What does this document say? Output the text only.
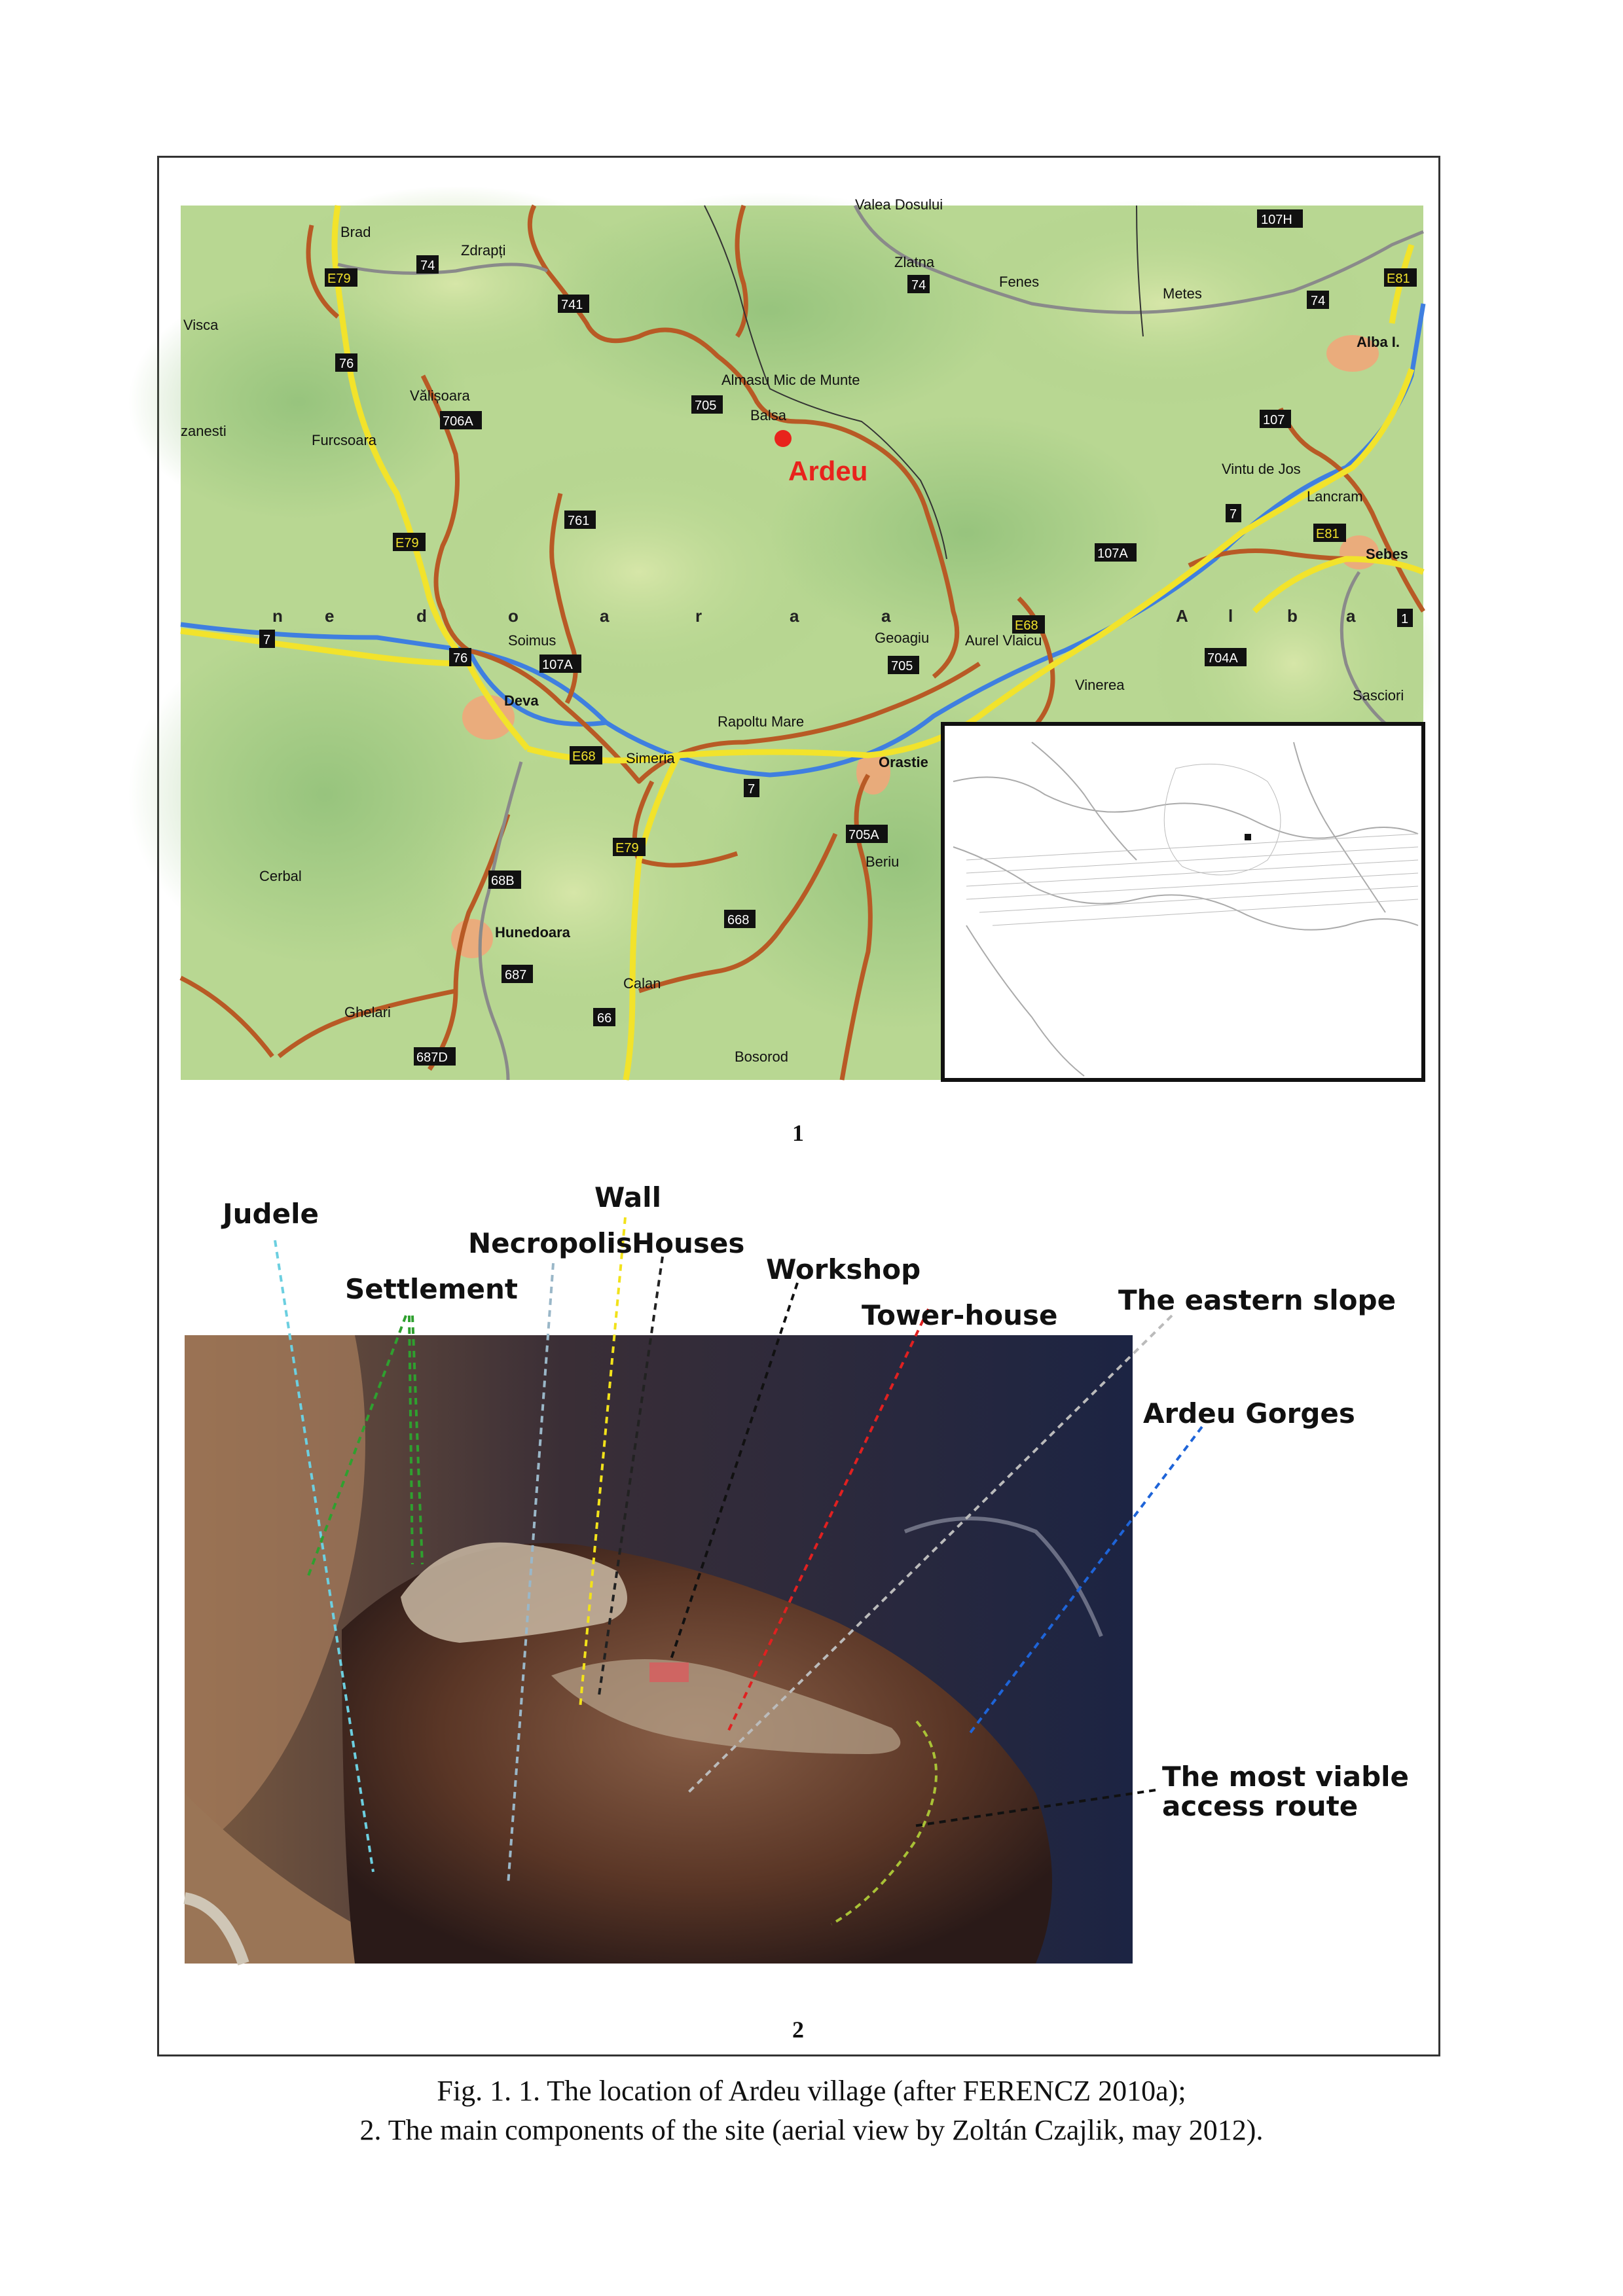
Ardeu
107H
E81
74
74
741
74
E79
76
705
706A
E79
761
107
7
E81
107A
7
76	107A	705
E68
704A
1
E68
7
E79
705A
68B
668
687
66
687D
Brad
Zdrapți
Valea Dosului
Zlatna
Fenes
Metes
Visca
Vălișoara
Furcsoara
Almasu Mic de Munte
Balsa
Alba I.
Vintu de Jos
Lancram
Sebes
Soimus
Deva
Geoagiu Aurel Vlaicu
Vinerea
Sasciori
Rapoltu Mare
Simeria	Orastie
Beriu
Cerbal
Hunedoara
Calan
Ghelari
Bosorod
zanesti
n e	d	o	a	r	a	a	A l	b	a
1
Judele
Settlement
Necropolis
Wall
Houses
Workshop
Tower-house The eastern slope
Ardeu Gorges
The most viable
access route
2
Fig. 1. 1. The location of Ardeu village (after FERENCZ 2010a);
2. The main components of the site (aerial view by Zoltán Czajlik, may 2012).
